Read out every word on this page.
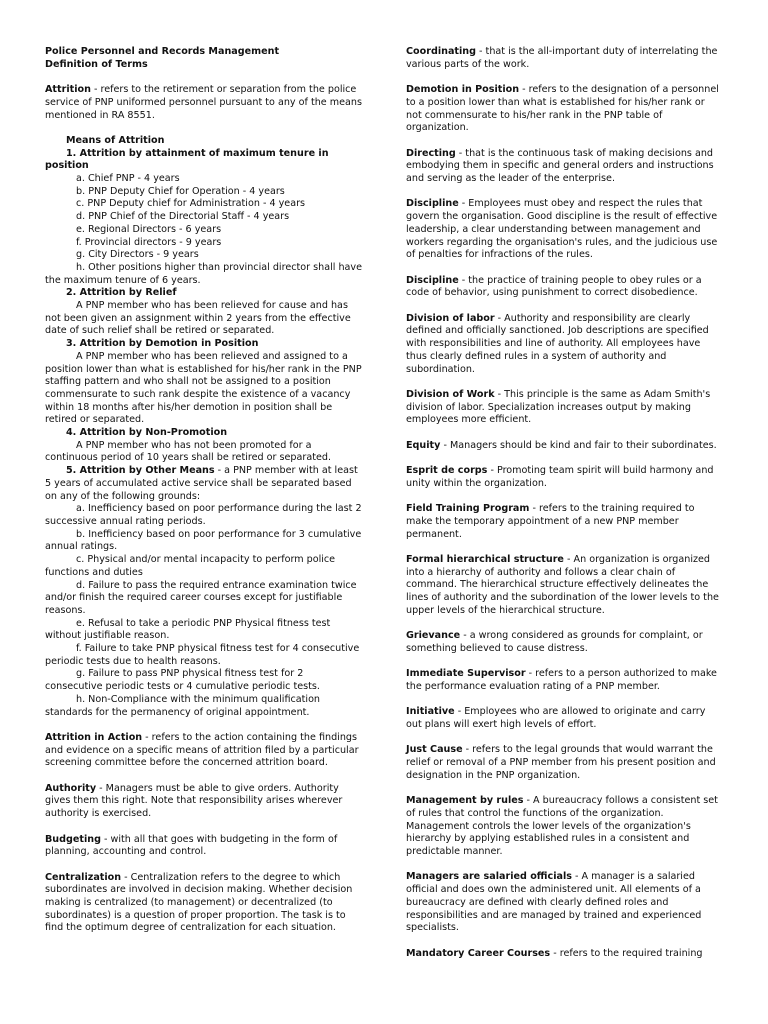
Police Personnel and Records Management

Definition of Terms

Attrition - refers to the retirement or separation from the police service of PNP uniformed personnel pursuant to any of the means mentioned in RA 8551.

Means of Attrition

1. Attrition by attainment of maximum tenure in position

a. Chief PNP - 4 years

b. PNP Deputy Chief for Operation - 4 years

c. PNP Deputy chief for Administration - 4 years

d. PNP Chief of the Directorial Staff - 4 years

e. Regional Directors - 6 years

f. Provincial directors - 9 years

g. City Directors - 9 years

h. Other positions higher than provincial director shall have the maximum tenure of 6 years.

2. Attrition by Relief

A PNP member who has been relieved for cause and has not been given an assignment within 2 years from the effective date of such relief shall be retired or separated.

3. Attrition by Demotion in Position

A PNP member who has been relieved and assigned to a position lower than what is established for his/her rank in the PNP staffing pattern and who shall not be assigned to a position commensurate to such rank despite the existence of a vacancy within 18 months after his/her demotion in position shall be retired or separated.

4. Attrition by Non-Promotion

A PNP member who has not been promoted for a continuous period of 10 years shall be retired or separated.

5. Attrition by Other Means - a PNP member with at least 5 years of accumulated active service shall be separated based on any of the following grounds:

a. Inefficiency based on poor performance during the last 2 successive annual rating periods.

b. Inefficiency based on poor performance for 3 cumulative annual ratings.

c. Physical and/or mental incapacity to perform police functions and duties

d. Failure to pass the required entrance examination twice and/or finish the required career courses except for justifiable reasons.

e. Refusal to take a periodic PNP Physical fitness test without justifiable reason.

f. Failure to take PNP physical fitness test for 4 consecutive periodic tests due to health reasons.

g. Failure to pass PNP physical fitness test for 2 consecutive periodic tests or 4 cumulative periodic tests.

h. Non-Compliance with the minimum qualification standards for the permanency of original appointment.

Attrition in Action - refers to the action containing the findings and evidence on a specific means of attrition filed by a particular screening committee before the concerned attrition board.

Authority - Managers must be able to give orders. Authority gives them this right. Note that responsibility arises wherever authority is exercised.

Budgeting - with all that goes with budgeting in the form of planning, accounting and control.

Centralization - Centralization refers to the degree to which subordinates are involved in decision making. Whether decision making is centralized (to management) or decentralized (to subordinates) is a question of proper proportion. The task is to find the optimum degree of centralization for each situation.

Coordinating - that is the all-important duty of interrelating the various parts of the work.

Demotion in Position - refers to the designation of a personnel to a position lower than what is established for his/her rank or not commensurate to his/her rank in the PNP table of organization.

Directing - that is the continuous task of making decisions and embodying them in specific and general orders and instructions and serving as the leader of the enterprise.

Discipline - Employees must obey and respect the rules that govern the organisation. Good discipline is the result of effective leadership, a clear understanding between management and workers regarding the organisation's rules, and the judicious use of penalties for infractions of the rules.

Discipline - the practice of training people to obey rules or a code of behavior, using punishment to correct disobedience.

Division of labor - Authority and responsibility are clearly defined and officially sanctioned. Job descriptions are specified with responsibilities and line of authority. All employees have thus clearly defined rules in a system of authority and subordination.

Division of Work - This principle is the same as Adam Smith's division of labor. Specialization increases output by making employees more efficient.

Equity - Managers should be kind and fair to their subordinates.

Esprit de corps - Promoting team spirit will build harmony and unity within the organization.

Field Training Program - refers to the training required to make the temporary appointment of a new PNP member permanent.

Formal hierarchical structure - An organization is organized into a hierarchy of authority and follows a clear chain of command. The hierarchical structure effectively delineates the lines of authority and the subordination of the lower levels to the upper levels of the hierarchical structure.

Grievance - a wrong considered as grounds for complaint, or something believed to cause distress.

Immediate Supervisor - refers to a person authorized to make the performance evaluation rating of a PNP member.

Initiative - Employees who are allowed to originate and carry out plans will exert high levels of effort.

Just Cause - refers to the legal grounds that would warrant the relief or removal of a PNP member from his present position and designation in the PNP organization.

Management by rules - A bureaucracy follows a consistent set of rules that control the functions of the organization. Management controls the lower levels of the organization's hierarchy by applying established rules in a consistent and predictable manner.

Managers are salaried officials - A manager is a salaried official and does own the administered unit. All elements of a bureaucracy are defined with clearly defined roles and responsibilities and are managed by trained and experienced specialists.

Mandatory Career Courses - refers to the required training
